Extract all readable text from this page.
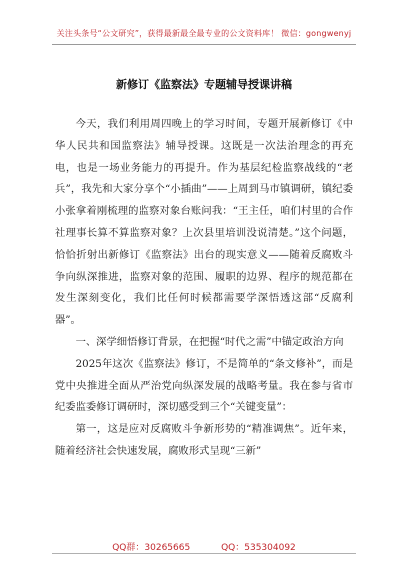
关注头条号“公文研究”，获得最新最全最专业的公文资料库！ 微信：gongwenyj
新修订《监察法》专题辅导授课讲稿

今天，我们利用周四晚上的学习时间，专题开展新修订《中华人民共和国监察法》辅导授课。这既是一次法治理念的再充电，也是一场业务能力的再提升。作为基层纪检监察战线的“老兵”，我先和大家分享个“小插曲”——上周到马市镇调研，镇纪委小张拿着刚梳理的监察对象台账问我：“王主任，咱们村里的合作社理事长算不算监察对象？上次县里培训没说清楚。”这个问题，恰恰折射出新修订《监察法》出台的现实意义——随着反腐败斗争向纵深推进，监察对象的范围、履职的边界、程序的规范都在发生深刻变化，我们比任何时候都需要学深悟透这部“反腐利器”。

一、深学细悟修订背景，在把握“时代之需”中锚定政治方向

2025年这次《监察法》修订，不是简单的“条文修补”，而是党中央推进全面从严治党向纵深发展的战略考量。我在参与省市纪委监委修订调研时，深切感受到三个“关键变量”：

第一，这是应对反腐败斗争新形势的“精准调焦”。近年来，随着经济社会快速发展，腐败形式呈现“三新”

QQ群：30265665	QQ：535304092
